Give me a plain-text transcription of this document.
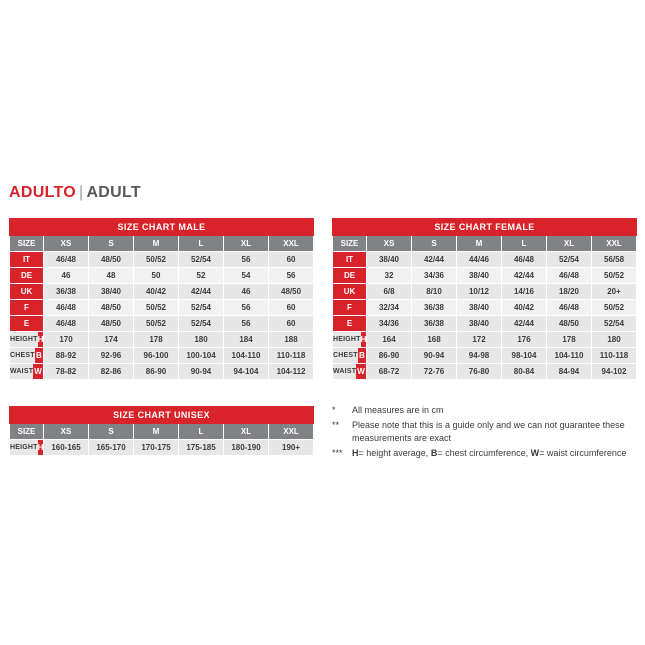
ADULTO | ADULT
SIZE CHART MALE						
SIZE	XS	S	M	L	XL	XXL
IT	46/48	48/50	50/52	52/54	56	60
DE	46	48	50	52	54	56
UK	36/38	38/40	40/42	42/44	46	48/50
F	46/48	48/50	50/52	52/54	56	60
E	46/48	48/50	50/52	52/54	56	60

HEIGHT H	170	174	178	180	184	188

CHEST B	88-92	92-96	96-100	100-104	104-110	110-118

WAIST W	78-82	82-86	86-90	90-94	94-104	104-112
SIZE CHART FEMALE						
SIZE	XS	S	M	L	XL	XXL
IT	38/40	42/44	44/46	46/48	52/54	56/58
DE	32	34/36	38/40	42/44	46/48	50/52
UK	6/8	8/10	10/12	14/16	18/20	20+
F	32/34	36/38	38/40	40/42	46/48	50/52
E	34/36	36/38	38/40	42/44	48/50	52/54

HEIGHT H	164	168	172	176	178	180

CHEST B	86-90	90-94	94-98	98-104	104-110	110-118

WAIST W	68-72	72-76	76-80	80-84	84-94	94-102
SIZE CHART UNISEX						
SIZE	XS	S	M	L	XL	XXL

HEIGHT H	160-165	165-170	170-175	175-185	180-190	190+
*	All measures are in cm
**	Please note that this is a guide only and we can not guarantee these measurements are exact
***	H= height average, B= chest circumference, W= waist circumference
